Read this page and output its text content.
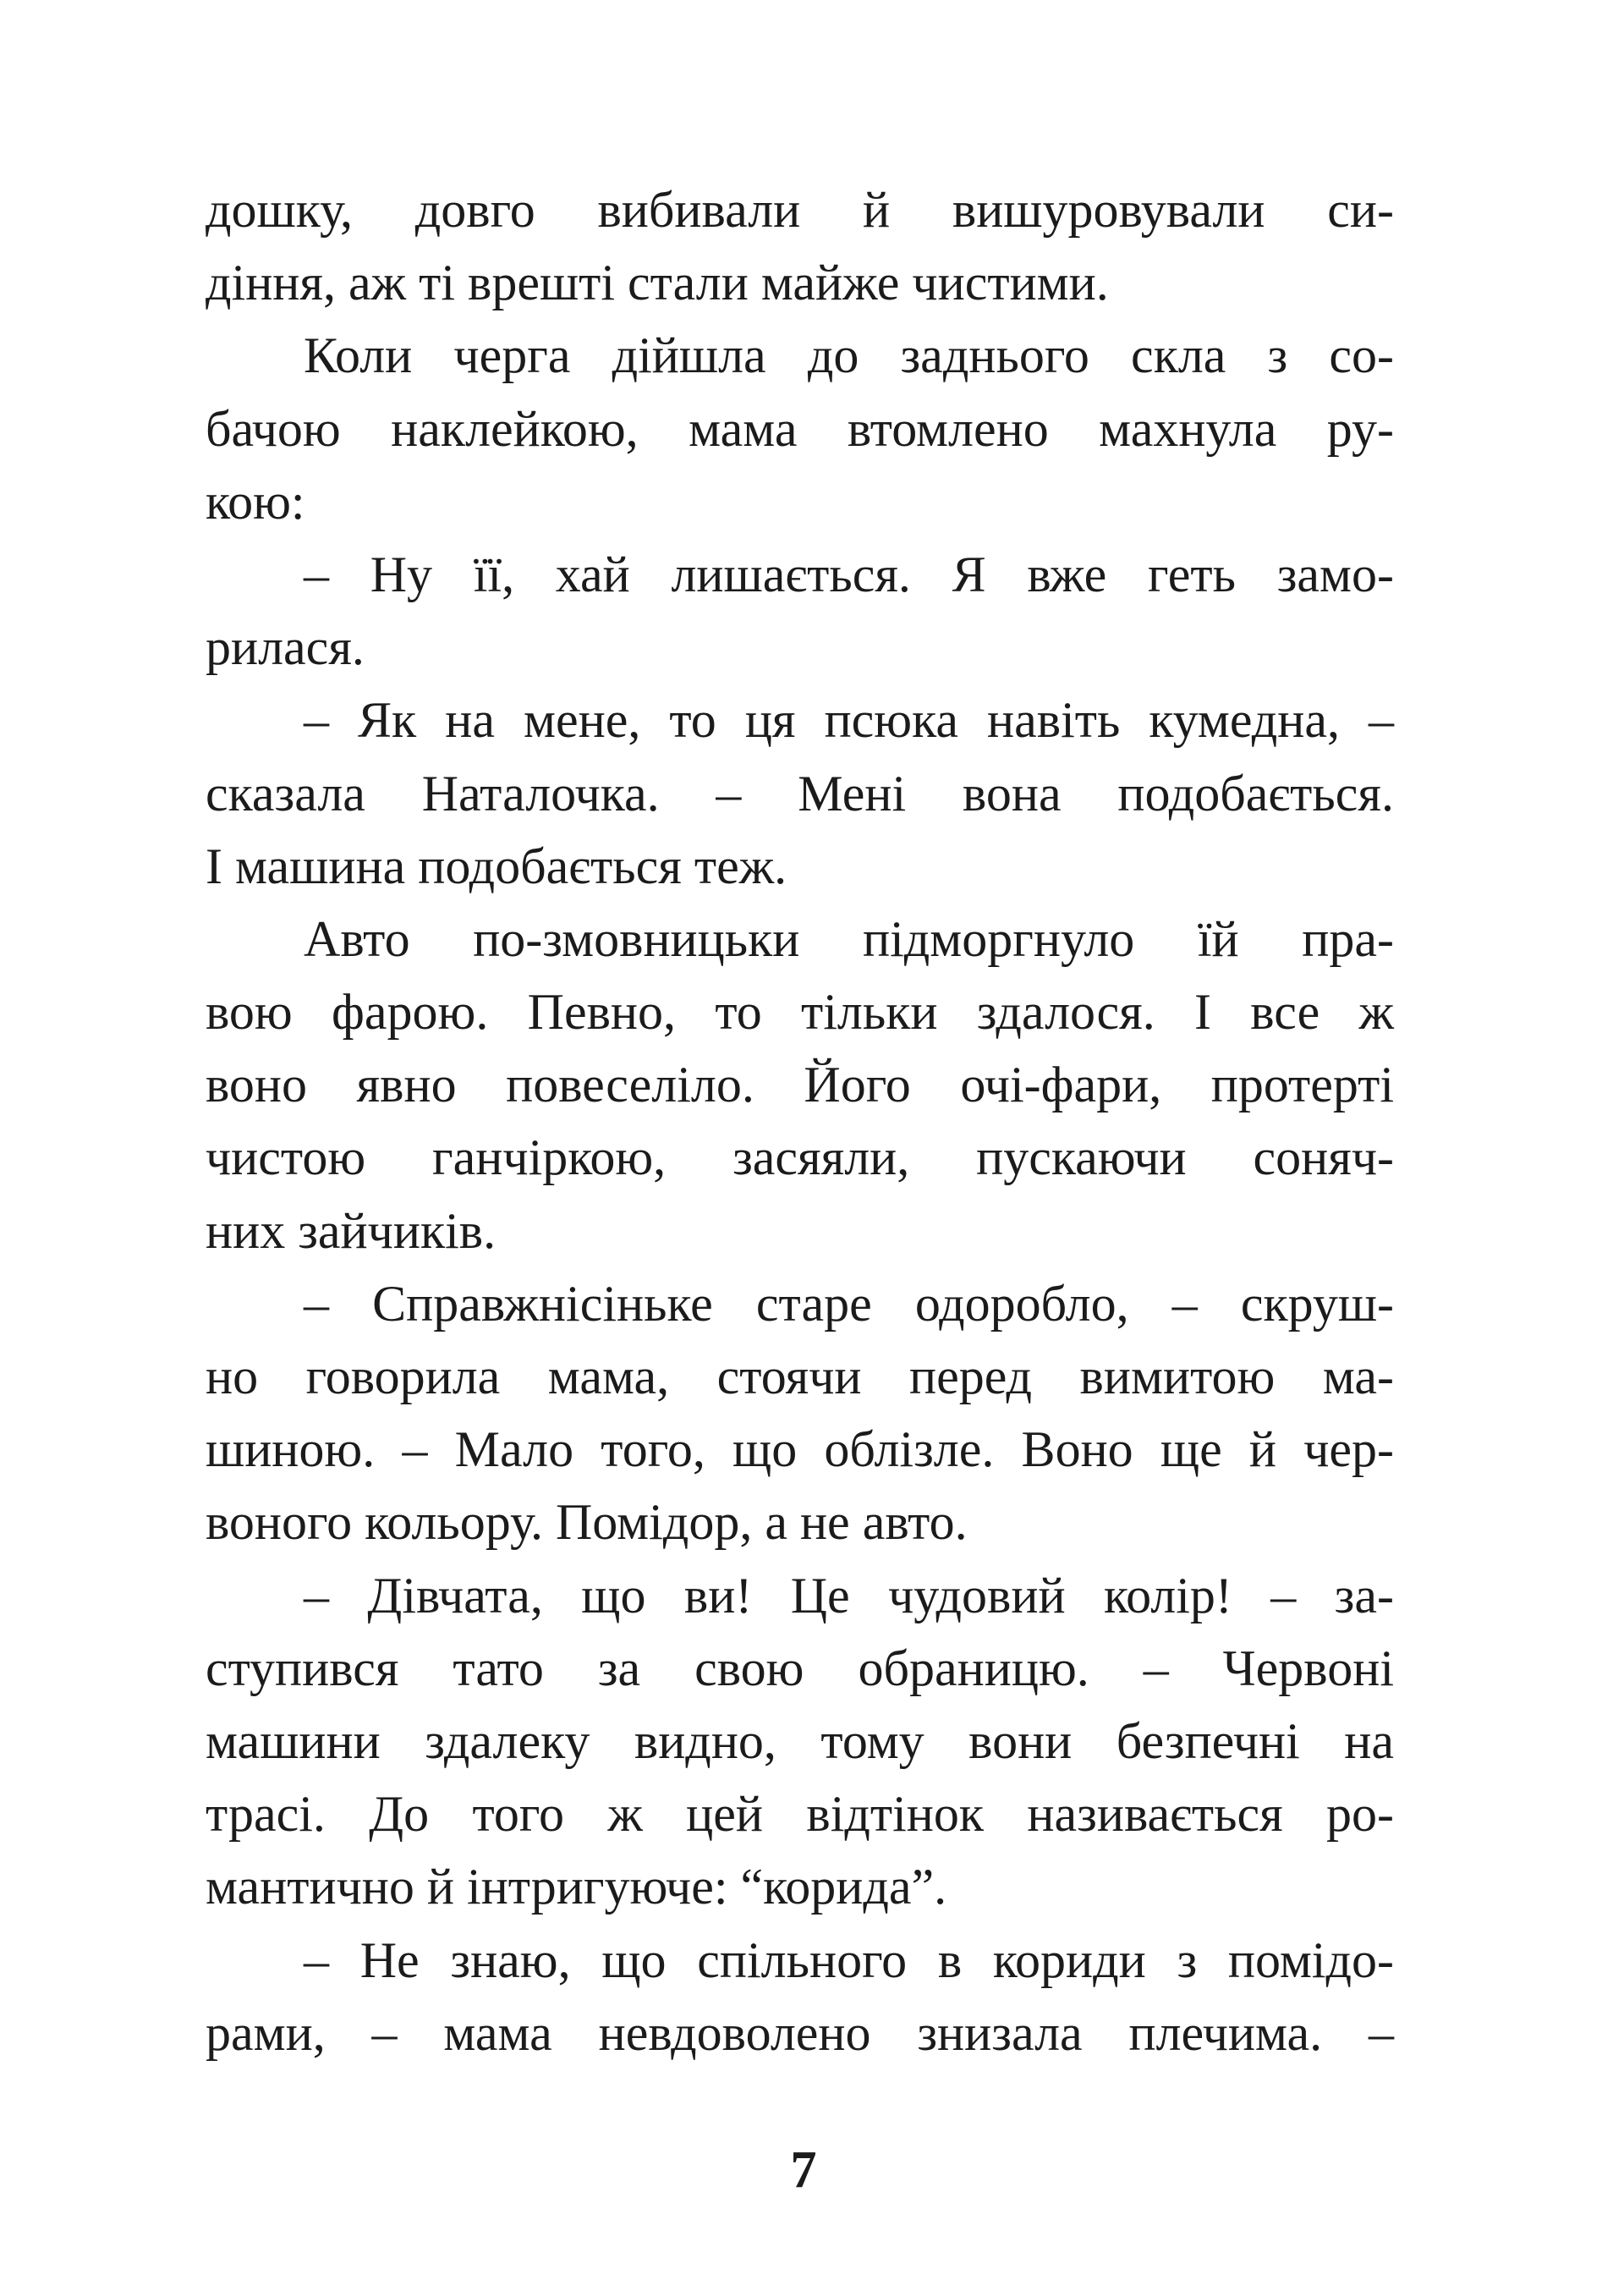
дошку, довго вибивали й вишуровували си-
діння, аж ті врешті стали майже чистими.
Коли черга дійшла до заднього скла з со-
бачою наклейкою, мама втомлено махнула ру-
кою:
– Ну її, хай лишається. Я вже геть замо-
рилася.
– Як на мене, то ця псюка навіть кумедна, –
сказала Наталочка. – Мені вона подобається.
І машина подобається теж.
Авто по-змовницьки підморгнуло їй пра-
вою фарою. Певно, то тільки здалося. І все ж
воно явно повеселіло. Його очі-фари, протерті
чистою ганчіркою, засяяли, пускаючи соняч-
них зайчиків.
– Справжнісіньке старе одоробло, – скруш-
но говорила мама, стоячи перед вимитою ма-
шиною. – Мало того, що облізле. Воно ще й чер-
воного кольору. Помідор, а не авто.
– Дівчата, що ви! Це чудовий колір! – за-
ступився тато за свою обраницю. – Червоні
машини здалеку видно, тому вони безпечні на
трасі. До того ж цей відтінок називається ро-
мантично й інтригуюче: “корида”.
– Не знаю, що спільного в кориди з помідо-
рами, – мама невдоволено знизала плечима. –
7
